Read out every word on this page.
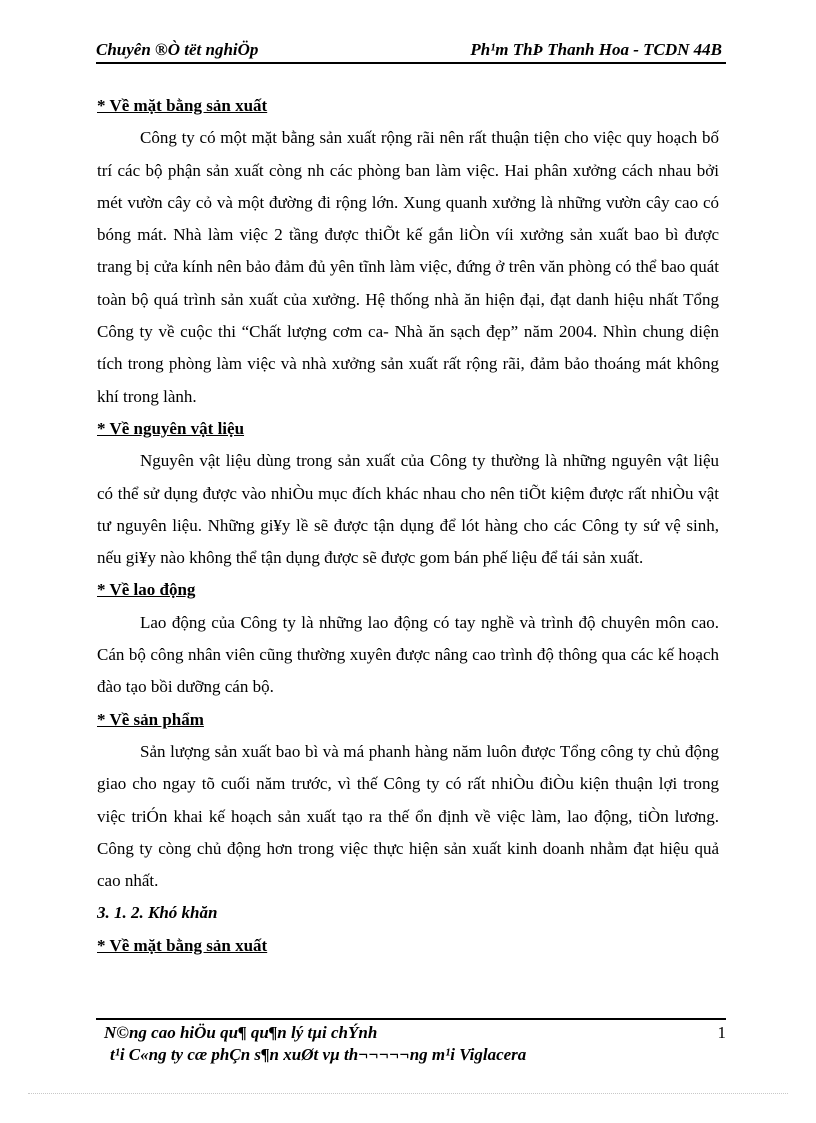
Chuyên ®Ò tët nghiÖp	Ph¹m ThÞ Thanh Hoa - TCDN 44B

* Về mặt bằng sản xuất

Công ty có một mặt bằng sản xuất rộng rãi nên rất thuận tiện cho việc quy hoạch bố trí các bộ phận sản xuất còng nh các phòng ban làm việc. Hai phân xưởng cách nhau bởi mét vườn cây cỏ và một đường đi rộng lớn. Xung quanh xưởng là những vườn cây cao có bóng mát. Nhà làm việc 2 tầng được thiÕt kế gắn liÒn víi xưởng sản xuất bao bì được trang bị cửa kính nên bảo đảm đủ yên tĩnh làm việc, đứng ở trên văn phòng có thể bao quát toàn bộ quá trình sản xuất của xưởng. Hệ thống nhà ăn hiện đại, đạt danh hiệu nhất Tổng Công ty về cuộc thi “Chất lượng cơm ca- Nhà ăn sạch đẹp” năm 2004. Nhìn chung diện tích trong phòng làm việc và nhà xưởng sản xuất rất rộng rãi, đảm bảo thoáng mát không khí trong lành.

* Về nguyên vật liệu

Nguyên vật liệu dùng trong sản xuất của Công ty thường là những nguyên vật liệu có thể sử dụng được vào nhiÒu mục đích khác nhau cho nên tiÕt kiệm được rất nhiÒu vật tư nguyên liệu. Những gi¥y lề sẽ được tận dụng để lót hàng cho các Công ty sứ vệ sinh, nếu gi¥y nào không thể tận dụng được sẽ được gom bán phế liệu để tái sản xuất.

* Về lao động

Lao động của Công ty là những lao động có tay nghề và trình độ chuyên môn cao. Cán bộ công nhân viên cũng thường xuyên được nâng cao trình độ thông qua các kế hoạch đào tạo bồi dưỡng cán bộ.

* Về sản phẩm

Sản lượng sản xuất bao bì và má phanh hàng năm luôn được Tổng công ty chủ động giao cho ngay tõ cuối năm trước, vì thế Công ty có rất nhiÒu điÒu kiện thuận lợi trong việc triÓn khai kế hoạch sản xuất tạo ra thế ổn định về việc làm, lao động, tiÒn lương. Công ty còng chủ động hơn trong việc thực hiện sản xuất kinh doanh nhằm đạt hiệu quả cao nhất.

3. 1. 2. Khó khăn

* Về mặt bằng sản xuất

N©ng cao hiÖu qu¶ qu¶n lý tµi chÝnh
t¹i C«ng ty cæ phÇn s¶n xuØt vµ th¬¬¬¬¬ng m¹i Viglacera
1
